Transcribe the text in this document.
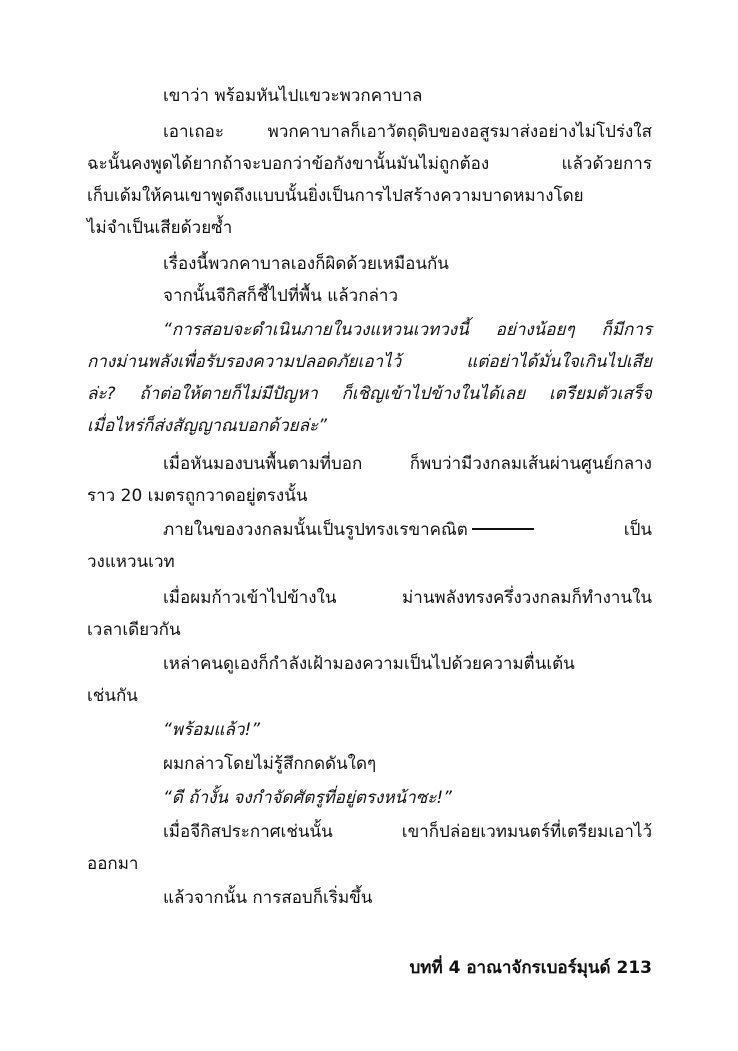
เขาว่า พร้อมหันไปแขวะพวกคาบาล
เอาเถอะ พวกคาบาลก็เอาวัตถุดิบของอสูรมาส่งอย่างไม่โปร่งใส
ฉะนั้นคงพูดได้ยากถ้าจะบอกว่าข้อกังขานั้นมันไม่ถูกต้อง แล้วด้วยการ
เก็บเด้มให้คนเขาพูดถึงแบบนั้นยิ่งเป็นการไปสร้างความบาดหมางโดย
ไม่จำเป็นเสียด้วยซ้ำ
เรื่องนี้พวกคาบาลเองก็ผิดด้วยเหมือนกัน
จากนั้นจีกิสก็ชี้ไปที่พื้น แล้วกล่าว
“การสอบจะดำเนินภายในวงแหวนเวทวงนี้ อย่างน้อยๆ ก็มีการ
กางม่านพลังเพื่อรับรองความปลอดภัยเอาไว้ แต่อย่าได้มั่นใจเกินไปเสีย
ล่ะ? ถ้าต่อให้ตายก็ไม่มีปัญหา ก็เชิญเข้าไปข้างในได้เลย เตรียมตัวเสร็จ
เมื่อไหร่ก็ส่งสัญญาณบอกด้วยล่ะ”
เมื่อหันมองบนพื้นตามที่บอก ก็พบว่ามีวงกลมเส้นผ่านศูนย์กลาง
ราว 20 เมตรถูกวาดอยู่ตรงนั้น
ภายในของวงกลมนั้นเป็นรูปทรงเรขาคณิต	เป็น
วงแหวนเวท
เมื่อผมก้าวเข้าไปข้างใน ม่านพลังทรงครึ่งวงกลมก็ทำงานใน
เวลาเดียวกัน
เหล่าคนดูเองก็กำลังเฝ้ามองความเป็นไปด้วยความตื่นเต้น
เช่นกัน
“พร้อมแล้ว!”
ผมกล่าวโดยไม่รู้สึกกดดันใดๆ
“ดี ถ้างั้น จงกำจัดศัตรูที่อยู่ตรงหน้าซะ!”
เมื่อจีกิสประกาศเช่นนั้น เขาก็ปล่อยเวทมนตร์ที่เตรียมเอาไว้
ออกมา
แล้วจากนั้น การสอบก็เริ่มขึ้น
บทที่ 4 อาณาจักรเบอร์มุนด์ 213
